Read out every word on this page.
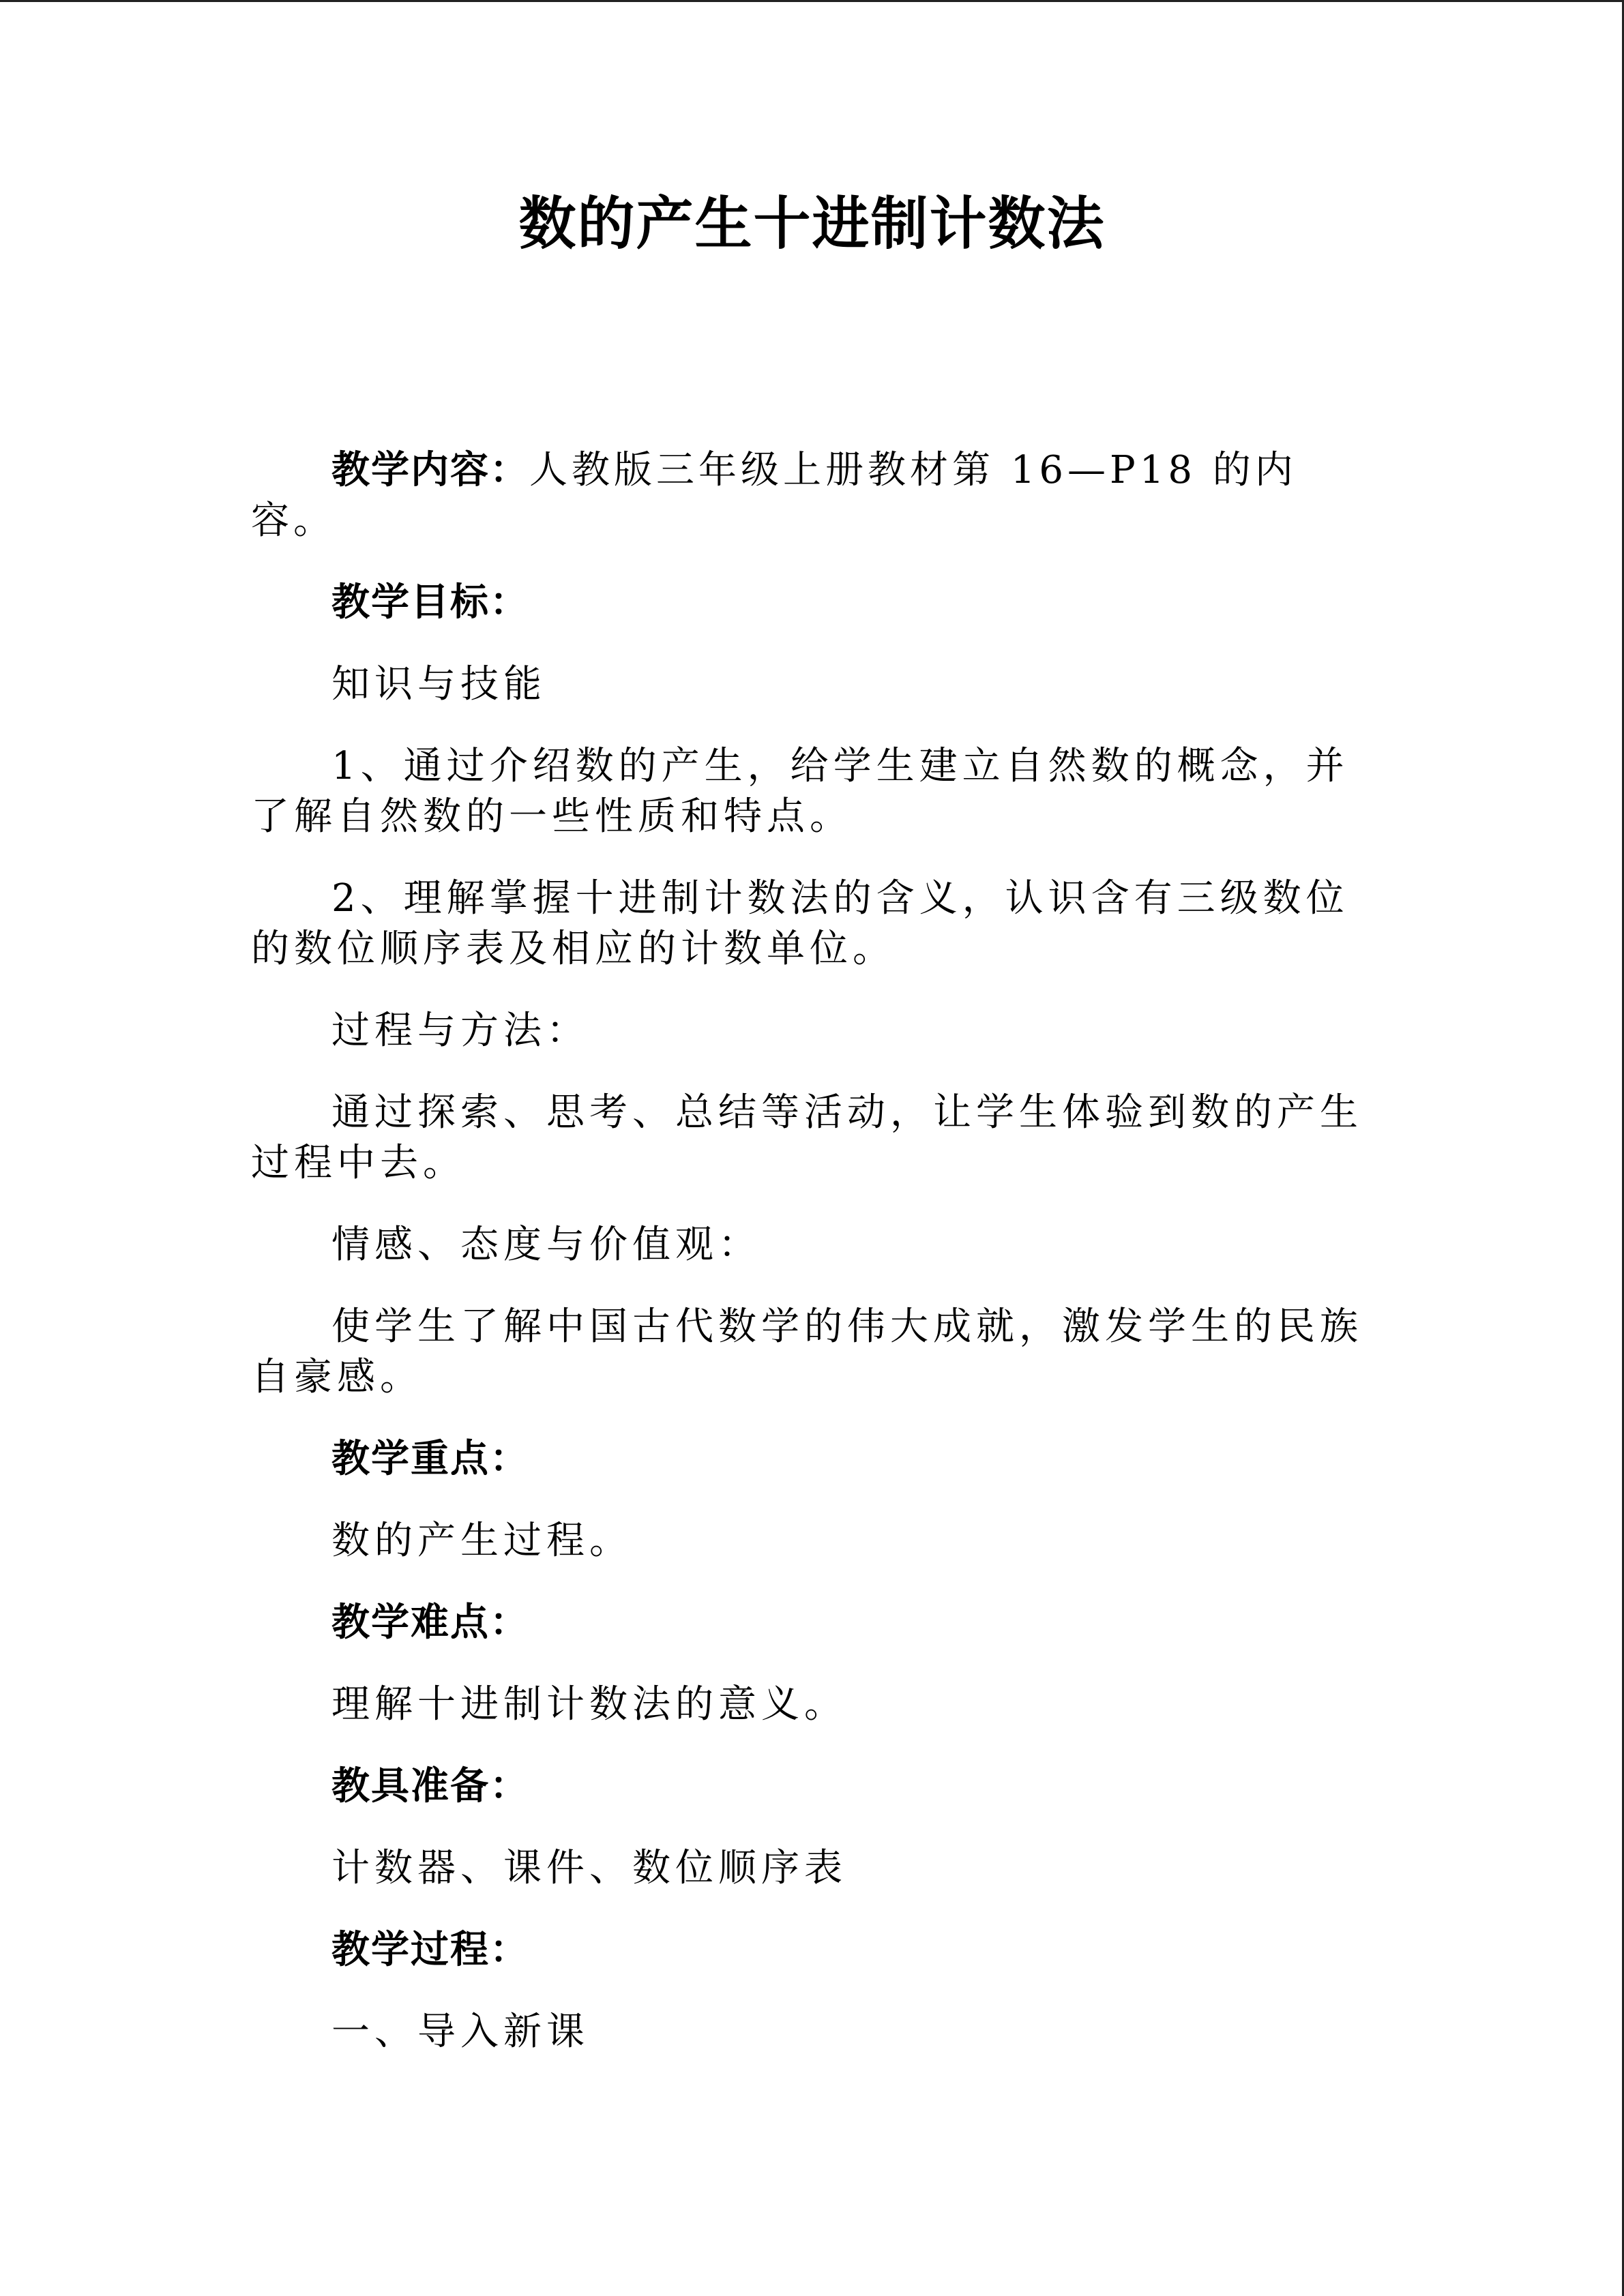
数的产生十进制计数法

教学内容：人教版三年级上册教材第 16—P18 的内容。

教学目标：

知识与技能

1、通过介绍数的产生，给学生建立自然数的概念，并了解自然数的一些性质和特点。

2、理解掌握十进制计数法的含义，认识含有三级数位的数位顺序表及相应的计数单位。

过程与方法：

通过探索、思考、总结等活动，让学生体验到数的产生过程中去。

情感、态度与价值观：

使学生了解中国古代数学的伟大成就，激发学生的民族自豪感。

教学重点：

数的产生过程。

教学难点：

理解十进制计数法的意义。

教具准备：

计数器、课件、数位顺序表

教学过程：

一、导入新课
